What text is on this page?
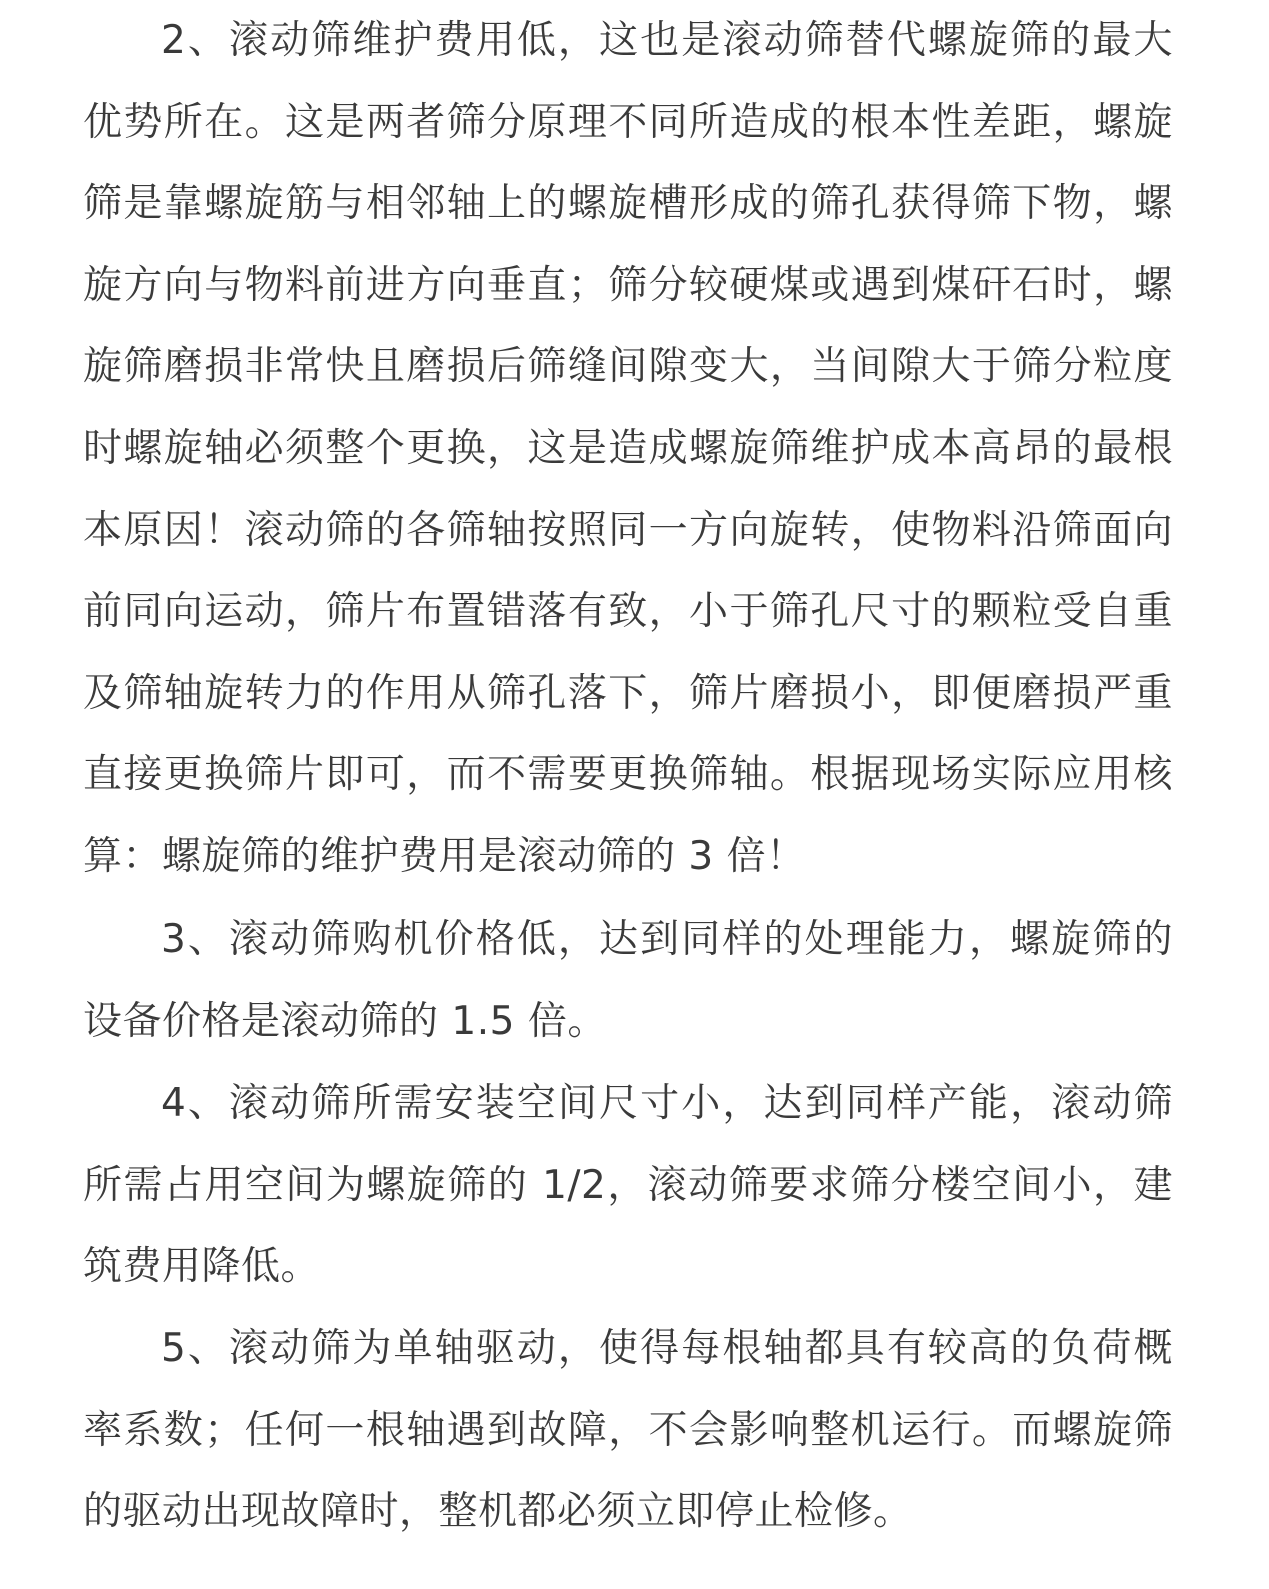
2、滚动筛维护费用低，这也是滚动筛替代螺旋筛的最大优势所在。这是两者筛分原理不同所造成的根本性差距，螺旋筛是靠螺旋筋与相邻轴上的螺旋槽形成的筛孔获得筛下物，螺旋方向与物料前进方向垂直；筛分较硬煤或遇到煤矸石时，螺旋筛磨损非常快且磨损后筛缝间隙变大，当间隙大于筛分粒度时螺旋轴必须整个更换，这是造成螺旋筛维护成本高昂的最根本原因！滚动筛的各筛轴按照同一方向旋转，使物料沿筛面向前同向运动，筛片布置错落有致，小于筛孔尺寸的颗粒受自重及筛轴旋转力的作用从筛孔落下，筛片磨损小，即便磨损严重直接更换筛片即可，而不需要更换筛轴。根据现场实际应用核算：螺旋筛的维护费用是滚动筛的 3 倍！

3、滚动筛购机价格低，达到同样的处理能力，螺旋筛的设备价格是滚动筛的 1.5 倍。

4、滚动筛所需安装空间尺寸小，达到同样产能，滚动筛所需占用空间为螺旋筛的 1/2，滚动筛要求筛分楼空间小，建筑费用降低。

5、滚动筛为单轴驱动，使得每根轴都具有较高的负荷概率系数；任何一根轴遇到故障，不会影响整机运行。而螺旋筛的驱动出现故障时，整机都必须立即停止检修。
